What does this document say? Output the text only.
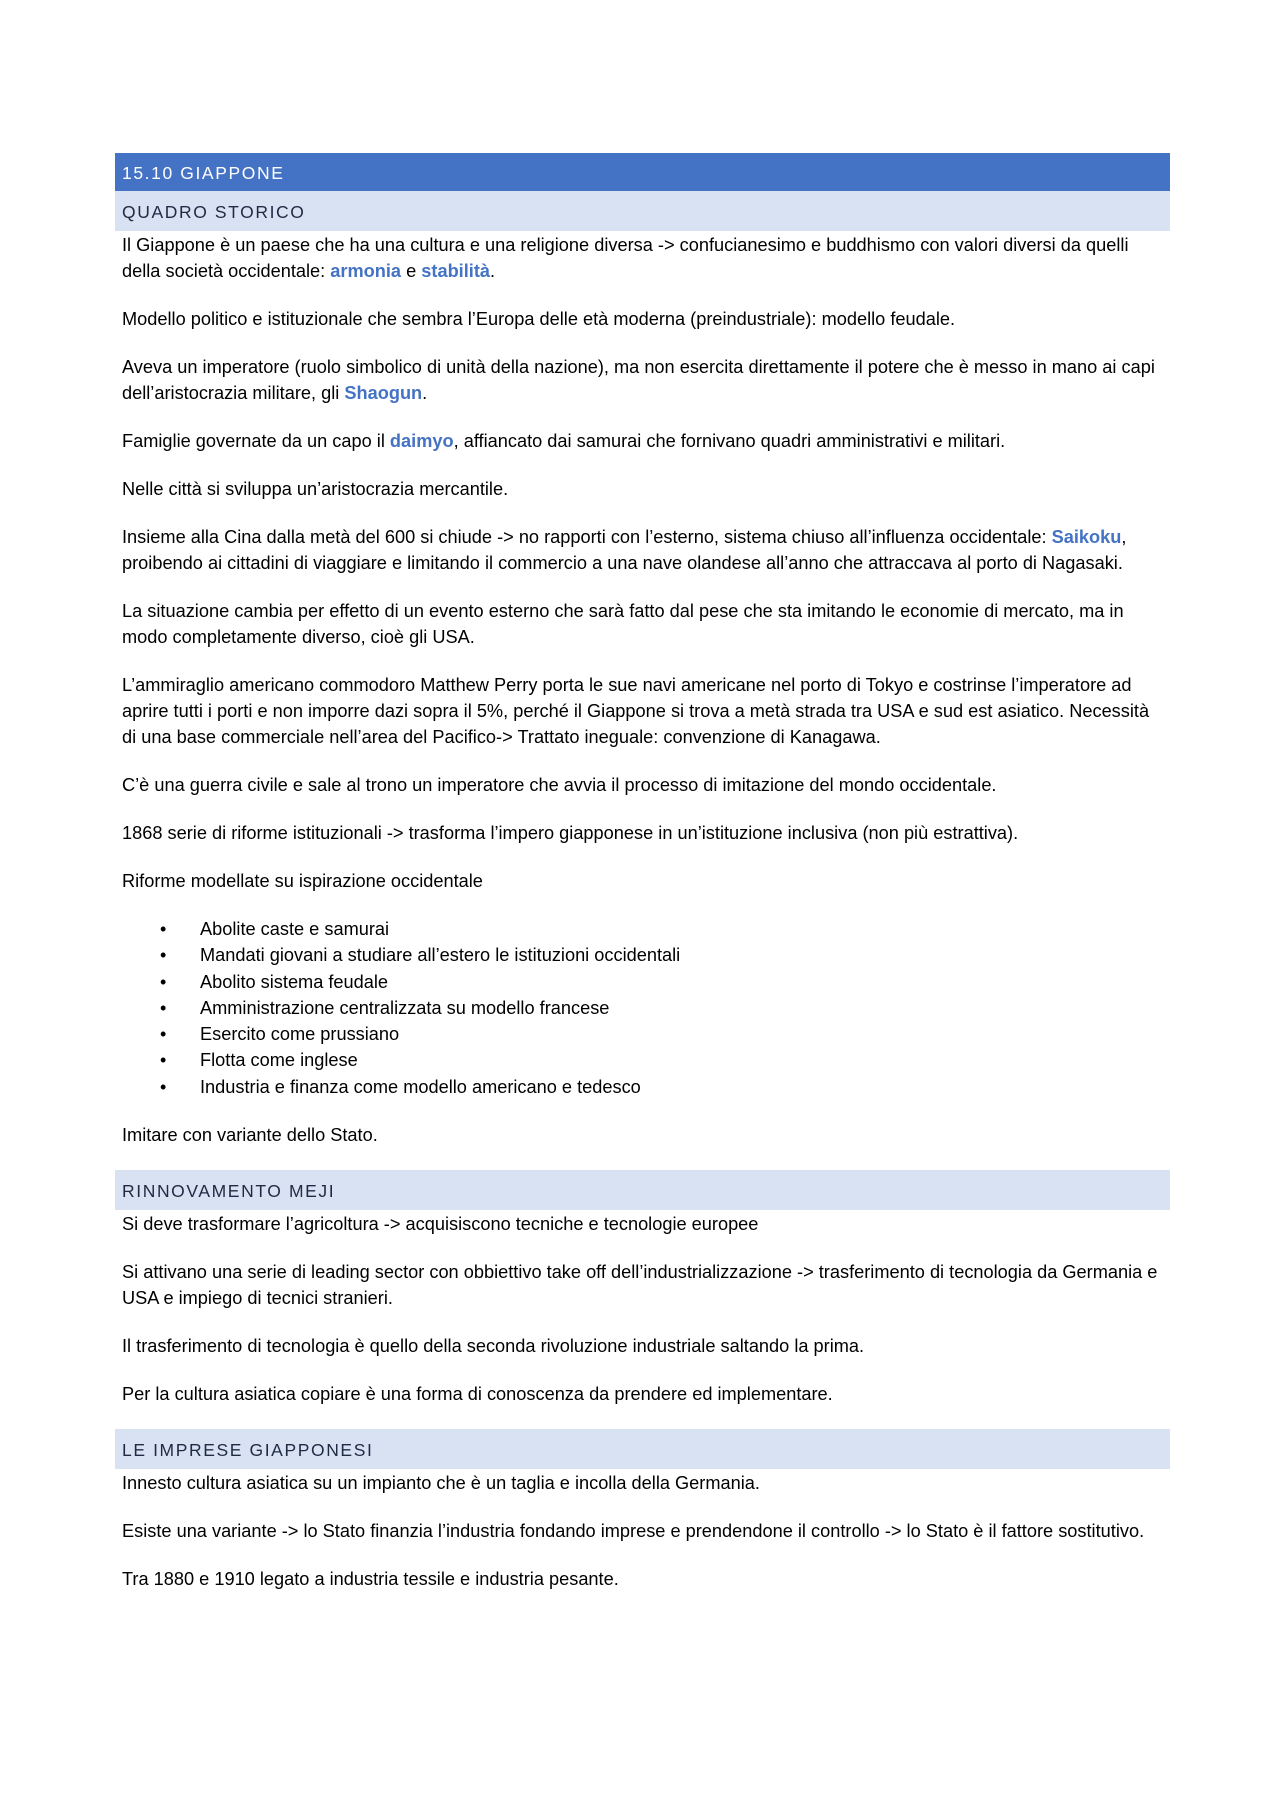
15.10 GIAPPONE
QUADRO STORICO

Il Giappone è un paese che ha una cultura e una religione diversa -> confucianesimo e buddhismo con valori diversi da quelli della società occidentale: armonia e stabilità.

Modello politico e istituzionale che sembra l’Europa delle età moderna (preindustriale): modello feudale.

Aveva un imperatore (ruolo simbolico di unità della nazione), ma non esercita direttamente il potere che è messo in mano ai capi dell’aristocrazia militare, gli Shaogun.

Famiglie governate da un capo il daimyo, affiancato dai samurai che fornivano quadri amministrativi e militari.

Nelle città si sviluppa un’aristocrazia mercantile.

Insieme alla Cina dalla metà del 600 si chiude -> no rapporti con l’esterno, sistema chiuso all’influenza occidentale: Saikoku, proibendo ai cittadini di viaggiare e limitando il commercio a una nave olandese all’anno che attraccava al porto di Nagasaki.

La situazione cambia per effetto di un evento esterno che sarà fatto dal pese che sta imitando le economie di mercato, ma in modo completamente diverso, cioè gli USA.

L’ammiraglio americano commodoro Matthew Perry porta le sue navi americane nel porto di Tokyo e costrinse l’imperatore ad aprire tutti i porti e non imporre dazi sopra il 5%, perché il Giappone si trova a metà strada tra USA e sud est asiatico. Necessità di una base commerciale nell’area del Pacifico-> Trattato ineguale: convenzione di Kanagawa.

C’è una guerra civile e sale al trono un imperatore che avvia il processo di imitazione del mondo occidentale.

1868 serie di riforme istituzionali -> trasforma l’impero giapponese in un’istituzione inclusiva (non più estrattiva).

Riforme modellate su ispirazione occidentale

• Abolite caste e samurai
• Mandati giovani a studiare all’estero le istituzioni occidentali
• Abolito sistema feudale
• Amministrazione centralizzata su modello francese
• Esercito come prussiano
• Flotta come inglese
• Industria e finanza come modello americano e tedesco

Imitare con variante dello Stato.

RINNOVAMENTO MEJI

Si deve trasformare l’agricoltura -> acquisiscono tecniche e tecnologie europee

Si attivano una serie di leading sector con obbiettivo take off dell’industrializzazione -> trasferimento di tecnologia da Germania e USA e impiego di tecnici stranieri.

Il trasferimento di tecnologia è quello della seconda rivoluzione industriale saltando la prima.

Per la cultura asiatica copiare è una forma di conoscenza da prendere ed implementare.

LE IMPRESE GIAPPONESI

Innesto cultura asiatica su un impianto che è un taglia e incolla della Germania.

Esiste una variante -> lo Stato finanzia l’industria fondando imprese e prendendone il controllo -> lo Stato è il fattore sostitutivo.

Tra 1880 e 1910 legato a industria tessile e industria pesante.
